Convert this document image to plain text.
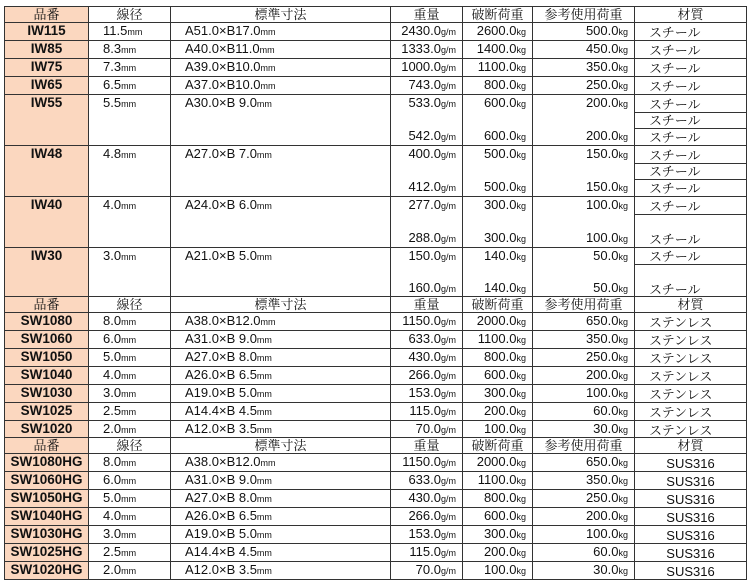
品番	線径	標準寸法	重量	破断荷重	参考使用荷重	材質
IW115	11.5mm	A51.0×B17.0mm	2430.0g/m	2600.0kg	500.0kg	スチール
IW85	8.3mm	A40.0×B11.0mm	1333.0g/m	1400.0kg	450.0kg	スチール
IW75	7.3mm	A39.0×B10.0mm	1000.0g/m	1100.0kg	350.0kg	スチール
IW65	6.5mm	A37.0×B10.0mm	743.0g/m	800.0kg	250.0kg	スチール
IW55	5.5mm	A30.0×B 9.0mm	533.0g/m	600.0kg	200.0kg	スチール
						スチール
			542.0g/m	600.0kg	200.0kg	スチール
IW48	4.8mm	A27.0×B 7.0mm	400.0g/m	500.0kg	150.0kg	スチール
						スチール
			412.0g/m	500.0kg	150.0kg	スチール
IW40	4.0mm	A24.0×B 6.0mm	277.0g/m	300.0kg	100.0kg	スチール

			288.0g/m	300.0kg	100.0kg	スチール
IW30	3.0mm	A21.0×B 5.0mm	150.0g/m	140.0kg	50.0kg	スチール

			160.0g/m	140.0kg	50.0kg	スチール
品番	線径	標準寸法	重量	破断荷重	参考使用荷重	材質
SW1080	8.0mm	A38.0×B12.0mm	1150.0g/m	2000.0kg	650.0kg	ステンレス
SW1060	6.0mm	A31.0×B 9.0mm	633.0g/m	1100.0kg	350.0kg	ステンレス
SW1050	5.0mm	A27.0×B 8.0mm	430.0g/m	800.0kg	250.0kg	ステンレス
SW1040	4.0mm	A26.0×B 6.5mm	266.0g/m	600.0kg	200.0kg	ステンレス
SW1030	3.0mm	A19.0×B 5.0mm	153.0g/m	300.0kg	100.0kg	ステンレス
SW1025	2.5mm	A14.4×B 4.5mm	115.0g/m	200.0kg	60.0kg	ステンレス
SW1020	2.0mm	A12.0×B 3.5mm	70.0g/m	100.0kg	30.0kg	ステンレス
品番	線径	標準寸法	重量	破断荷重	参考使用荷重	材質
SW1080HG	8.0mm	A38.0×B12.0mm	1150.0g/m	2000.0kg	650.0kg	SUS316
SW1060HG	6.0mm	A31.0×B 9.0mm	633.0g/m	1100.0kg	350.0kg	SUS316
SW1050HG	5.0mm	A27.0×B 8.0mm	430.0g/m	800.0kg	250.0kg	SUS316
SW1040HG	4.0mm	A26.0×B 6.5mm	266.0g/m	600.0kg	200.0kg	SUS316
SW1030HG	3.0mm	A19.0×B 5.0mm	153.0g/m	300.0kg	100.0kg	SUS316
SW1025HG	2.5mm	A14.4×B 4.5mm	115.0g/m	200.0kg	60.0kg	SUS316
SW1020HG	2.0mm	A12.0×B 3.5mm	70.0g/m	100.0kg	30.0kg	SUS316
